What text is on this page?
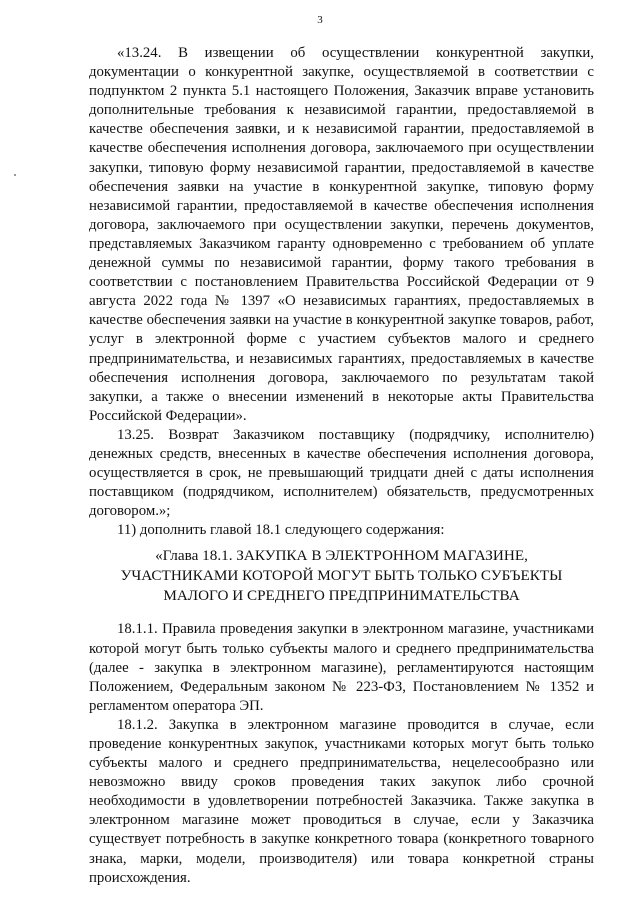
3

«13.24. В извещении об осуществлении конкурентной закупки, документации о конкурентной закупке, осуществляемой в соответствии с подпунктом 2 пункта 5.1 настоящего Положения, Заказчик вправе установить дополнительные требования к независимой гарантии, предоставляемой в качестве обеспечения заявки, и к независимой гарантии, предоставляемой в качестве обеспечения исполнения договора, заключаемого при осуществлении закупки, типовую форму независимой гарантии, предоставляемой в качестве обеспечения заявки на участие в конкурентной закупке, типовую форму независимой гарантии, предоставляемой в качестве обеспечения исполнения договора, заключаемого при осуществлении закупки, перечень документов, представляемых Заказчиком гаранту одновременно с требованием об уплате денежной суммы по независимой гарантии, форму такого требования в соответствии с постановлением Правительства Российской Федерации от 9 августа 2022 года № 1397 «О независимых гарантиях, предоставляемых в качестве обеспечения заявки на участие в конкурентной закупке товаров, работ, услуг в электронной форме с участием субъектов малого и среднего предпринимательства, и независимых гарантиях, предоставляемых в качестве обеспечения исполнения договора, заключаемого по результатам такой закупки, а также о внесении изменений в некоторые акты Правительства Российской Федерации».

13.25. Возврат Заказчиком поставщику (подрядчику, исполнителю) денежных средств, внесенных в качестве обеспечения исполнения договора, осуществляется в срок, не превышающий тридцати дней с даты исполнения поставщиком (подрядчиком, исполнителем) обязательств, предусмотренных договором.»;

11) дополнить главой 18.1 следующего содержания:

«Глава 18.1. ЗАКУПКА В ЭЛЕКТРОННОМ МАГАЗИНЕ,
УЧАСТНИКАМИ КОТОРОЙ МОГУТ БЫТЬ ТОЛЬКО СУБЪЕКТЫ
МАЛОГО И СРЕДНЕГО ПРЕДПРИНИМАТЕЛЬСТВА

18.1.1. Правила проведения закупки в электронном магазине, участниками которой могут быть только субъекты малого и среднего предпринимательства (далее - закупка в электронном магазине), регламентируются настоящим Положением, Федеральным законом № 223-ФЗ, Постановлением № 1352 и регламентом оператора ЭП.

18.1.2. Закупка в электронном магазине проводится в случае, если проведение конкурентных закупок, участниками которых могут быть только субъекты малого и среднего предпринимательства, нецелесообразно или невозможно ввиду сроков проведения таких закупок либо срочной необходимости в удовлетворении потребностей Заказчика. Также закупка в электронном магазине может проводиться в случае, если у Заказчика существует потребность в закупке конкретного товара (конкретного товарного знака, марки, модели, производителя) или товара конкретной страны происхождения.
